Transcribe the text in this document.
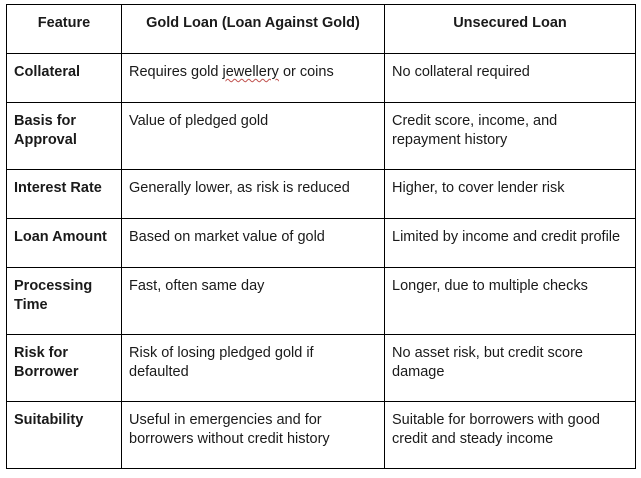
Feature	Gold Loan (Loan Against Gold)	Unsecured Loan
Collateral	Requires gold jewellery or coins	No collateral required
Basis for Approval	Value of pledged gold	Credit score, income, and repayment history
Interest Rate	Generally lower, as risk is reduced	Higher, to cover lender risk
Loan Amount	Based on market value of gold	Limited by income and credit profile
Processing Time	Fast, often same day	Longer, due to multiple checks
Risk for Borrower	Risk of losing pledged gold if defaulted	No asset risk, but credit score damage
Suitability	Useful in emergencies and for borrowers without credit history	Suitable for borrowers with good credit and steady income
